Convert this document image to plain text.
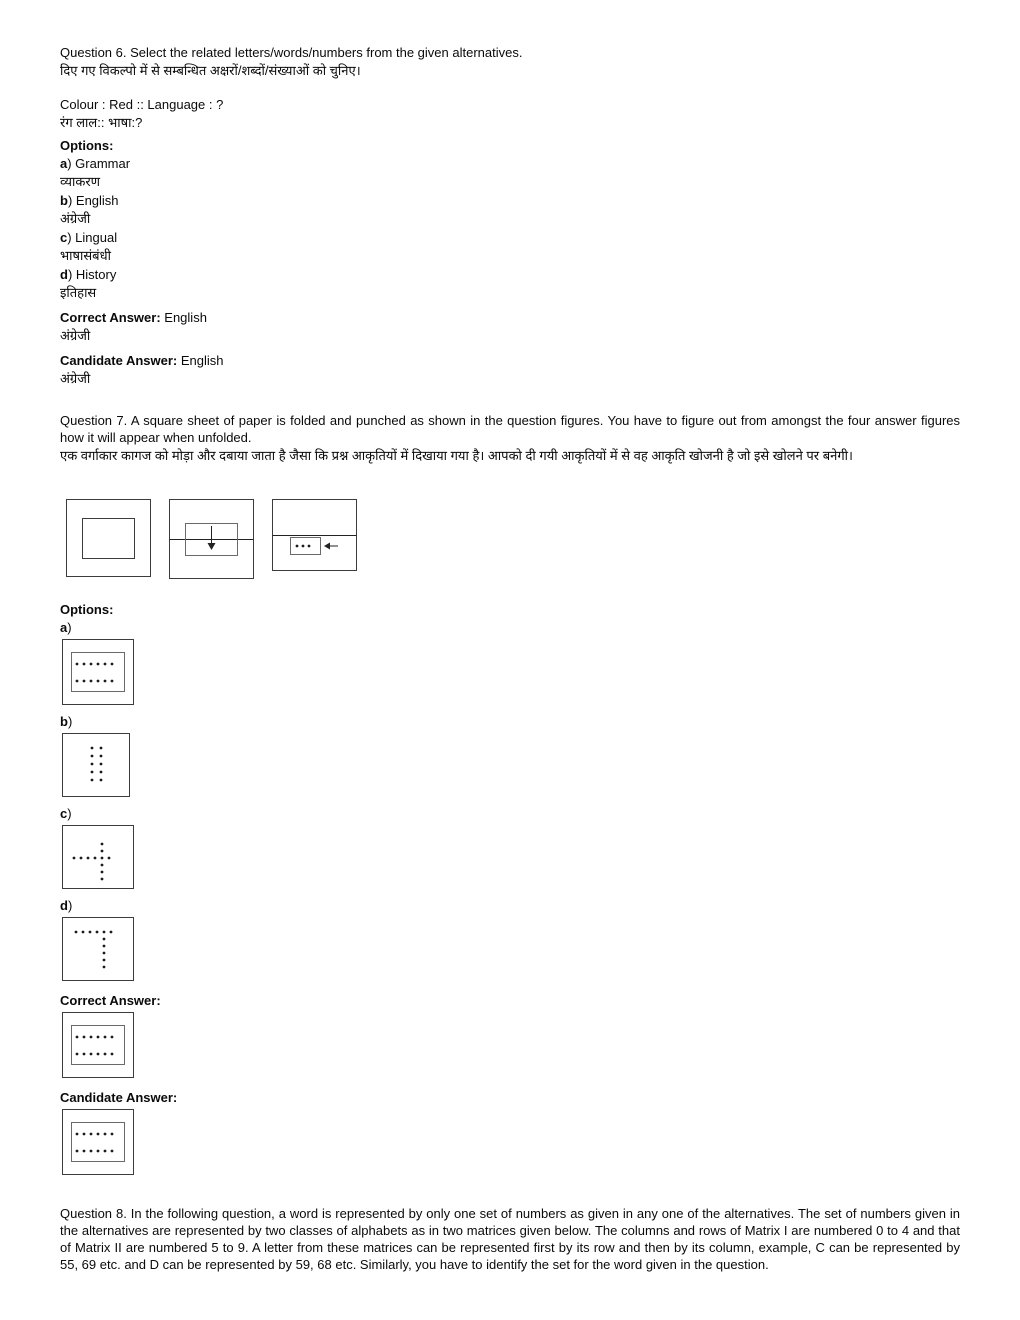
Question 6. Select the related letters/words/numbers from the given alternatives.
दिए गए विकल्पो में से सम्बन्धित अक्षरों/शब्दों/संख्याओं को चुनिए।
Colour : Red :: Language : ?
रंग लाल:: भाषा:?
Options:
a) Grammar
व्याकरण
b) English
अंग्रेजी
c) Lingual
भाषासंबंधी
d) History
इतिहास
Correct Answer: English
अंग्रेजी
Candidate Answer: English
अंग्रेजी
Question 7. A square sheet of paper is folded and punched as shown in the question figures. You have to figure out from amongst the four answer figures how it will appear when unfolded.
एक वर्गाकार कागज को मोड़ा और दबाया जाता है जैसा कि प्रश्न आकृतियों में दिखाया गया है। आपको दी गयी आकृतियों में से वह आकृति खोजनी है जो इसे खोलने पर बनेगी।
Options:
a)
b)
c)
d)
Correct Answer:
Candidate Answer:
Question 8. In the following question, a word is represented by only one set of numbers as given in any one of the alternatives. The set of numbers given in the alternatives are represented by two classes of alphabets as in two matrices given below. The columns and rows of Matrix I are numbered 0 to 4 and that of Matrix II are numbered 5 to 9. A letter from these matrices can be represented first by its row and then by its column, example, C can be represented by 55, 69 etc. and D can be represented by 59, 68 etc. Similarly, you have to identify the set for the word given in the question.
